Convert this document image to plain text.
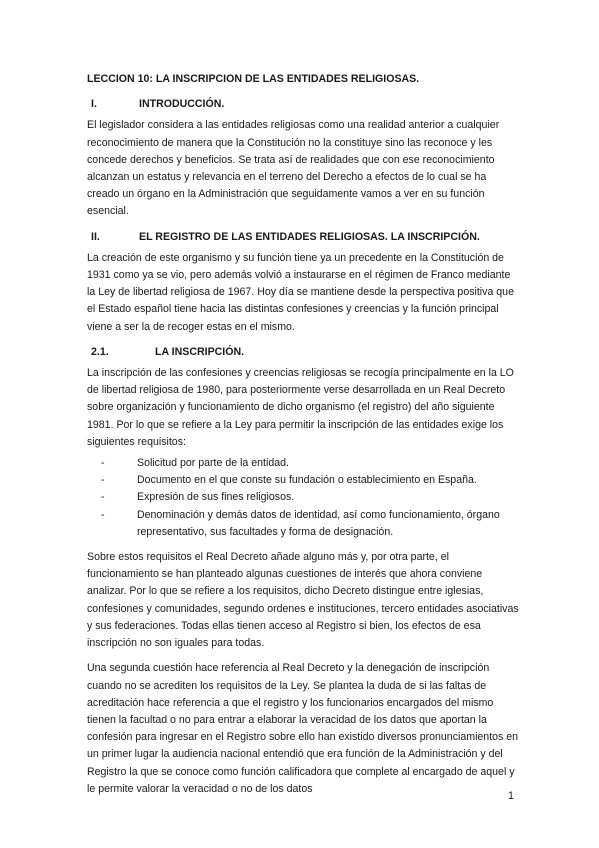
LECCION 10: LA INSCRIPCION DE LAS ENTIDADES RELIGIOSAS.

I.	INTRODUCCIÓN.

El legislador considera a las entidades religiosas como una realidad anterior a cualquier reconocimiento de manera que la Constitución no la constituye sino las reconoce y les concede derechos y beneficios. Se trata así de realidades que con ese reconocimiento alcanzan un estatus y relevancia en el terreno del Derecho a efectos de lo cual se ha creado un órgano en la Administración que seguidamente vamos a ver en su función esencial.

II.	EL REGISTRO DE LAS ENTIDADES RELIGIOSAS. LA INSCRIPCIÓN.

La creación de este organismo y su función tiene ya un precedente en la Constitución de 1931 como ya se vio, pero además volvió a instaurarse en el régimen de Franco mediante la Ley de libertad religiosa de 1967. Hoy día se mantiene desde la perspectiva positiva que el Estado español tiene hacia las distintas confesiones y creencias y la función principal viene a ser la de recoger estas en el mismo.

2.1.	LA INSCRIPCIÓN.

La inscripción de las confesiones y creencias religiosas se recogía principalmente en la LO de libertad religiosa de 1980, para posteriormente verse desarrollada en un Real Decreto sobre organización y funcionamiento de dicho organismo (el registro) del año siguiente 1981. Por lo que se refiere a la Ley para permitir la inscripción de las entidades exige los siguientes requisitos:

-	Solicitud por parte de la entidad.
-	Documento en el que conste su fundación o establecimiento en España.
-	Expresión de sus fines religiosos.
-	Denominación y demás datos de identidad, así como funcionamiento, órgano representativo, sus facultades y forma de designación.

Sobre estos requisitos el Real Decreto añade alguno más y, por otra parte, el funcionamiento se han planteado algunas cuestiones de interés que ahora conviene analizar. Por lo que se refiere a los requisitos, dicho Decreto distingue entre iglesias, confesiones y comunidades, segundo ordenes e instituciones, tercero entidades asociativas y sus federaciones. Todas ellas tienen acceso al Registro si bien, los efectos de esa inscripción no son iguales para todas.

Una segunda cuestión hace referencia al Real Decreto y la denegación de inscripción cuando no se acrediten los requisitos de la Ley. Se plantea la duda de si las faltas de acreditación hace referencia a que el registro y los funcionarios encargados del mismo tienen la facultad o no para entrar a elaborar la veracidad de los datos que aportan la confesión para ingresar en el Registro sobre ello han existido diversos pronunciamientos en un primer lugar la audiencia nacional entendió que era función de la Administración y del Registro la que se conoce como función calificadora que complete al encargado de aquel y le permite valorar la veracidad o no de los datos

1
